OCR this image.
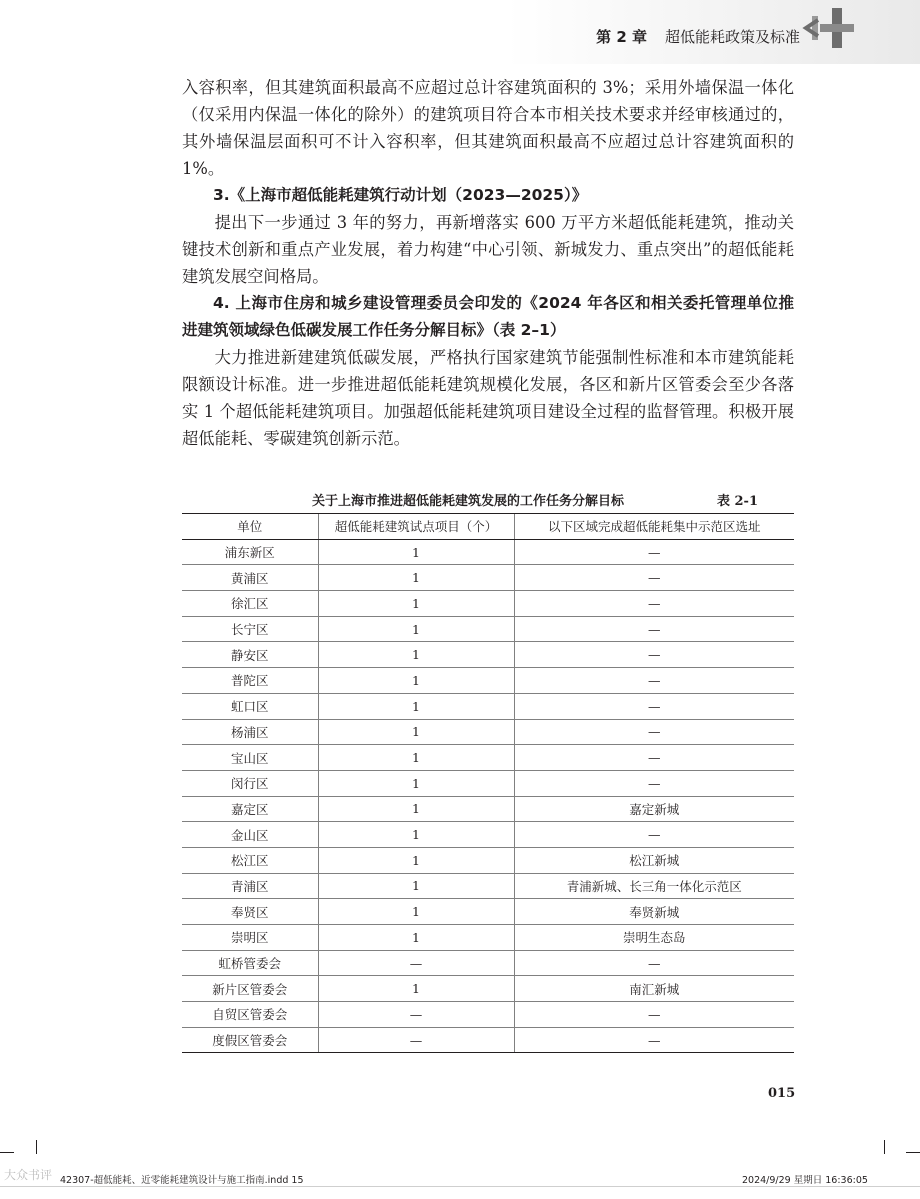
第 2 章 超低能耗政策及标准

入容积率，但其建筑面积最高不应超过总计容建筑面积的 3%；采用外墙保温一体化（仅采用内保温一体化的除外）的建筑项目符合本市相关技术要求并经审核通过的，其外墙保温层面积可不计入容积率，但其建筑面积最高不应超过总计容建筑面积的 1%。

3.《上海市超低能耗建筑行动计划（2023—2025）》

提出下一步通过 3 年的努力，再新增落实 600 万平方米超低能耗建筑，推动关键技术创新和重点产业发展，着力构建“中心引领、新城发力、重点突出”的超低能耗建筑发展空间格局。

4. 上海市住房和城乡建设管理委员会印发的《2024 年各区和相关委托管理单位推进建筑领域绿色低碳发展工作任务分解目标》（表 2–1）

大力推进新建建筑低碳发展，严格执行国家建筑节能强制性标准和本市建筑能耗限额设计标准。进一步推进超低能耗建筑规模化发展，各区和新片区管委会至少各落实 1 个超低能耗建筑项目。加强超低能耗建筑项目建设全过程的监督管理。积极开展超低能耗、零碳建筑创新示范。

关于上海市推进超低能耗建筑发展的工作任务分解目标	表 2-1
单位	超低能耗建筑试点项目（个）	以下区域完成超低能耗集中示范区选址
浦东新区	1	—
黄浦区	1	—
徐汇区	1	—
长宁区	1	—
静安区	1	—
普陀区	1	—
虹口区	1	—
杨浦区	1	—
宝山区	1	—
闵行区	1	—
嘉定区	1	嘉定新城
金山区	1	—
松江区	1	松江新城
青浦区	1	青浦新城、长三角一体化示范区
奉贤区	1	奉贤新城
崇明区	1	崇明生态岛
虹桥管委会	—	—
新片区管委会	1	南汇新城
自贸区管委会	—	—
度假区管委会	—	—
015
大众书评 42307-超低能耗、近零能耗建筑设计与施工指南.indd 15	2024/9/29 星期日 16:36:05
